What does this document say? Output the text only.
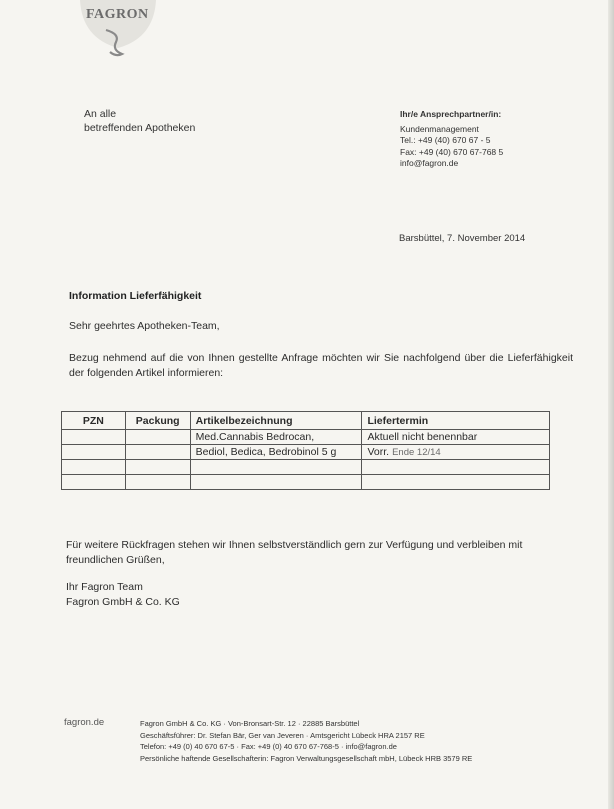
FAGRON
An alle
betreffenden Apotheken
Ihr/e Ansprechpartner/in:
Kundenmanagement
Tel.: +49 (40) 670 67 - 5
Fax: +49 (40) 670 67-768 5
info@fagron.de
Barsbüttel, 7. November 2014
Information Lieferfähigkeit
Sehr geehrtes Apotheken-Team,
Bezug nehmend auf die von Ihnen gestellte Anfrage möchten wir Sie nachfolgend über die Lieferfähigkeit der folgenden Artikel informieren:
PZN	Packung	Artikelbezeichnung	Liefertermin
		Med.Cannabis Bedrocan,	Aktuell nicht benennbar
		Bediol, Bedica, Bedrobinol 5 g	Vorr. Ende 12/14

Für weitere Rückfragen stehen wir Ihnen selbstverständlich gern zur Verfügung und verbleiben mit freundlichen Grüßen,
Ihr Fagron Team
Fagron GmbH & Co. KG
fagron.de	Fagron GmbH & Co. KG · Von-Bronsart-Str. 12 · 22885 Barsbüttel
Geschäftsführer: Dr. Stefan Bär, Ger van Jeveren · Amtsgericht Lübeck HRA 2157 RE
Telefon: +49 (0) 40 670 67-5 · Fax: +49 (0) 40 670 67-768-5 · info@fagron.de
Persönliche haftende Gesellschafterin: Fagron Verwaltungsgesellschaft mbH, Lübeck HRB 3579 RE
